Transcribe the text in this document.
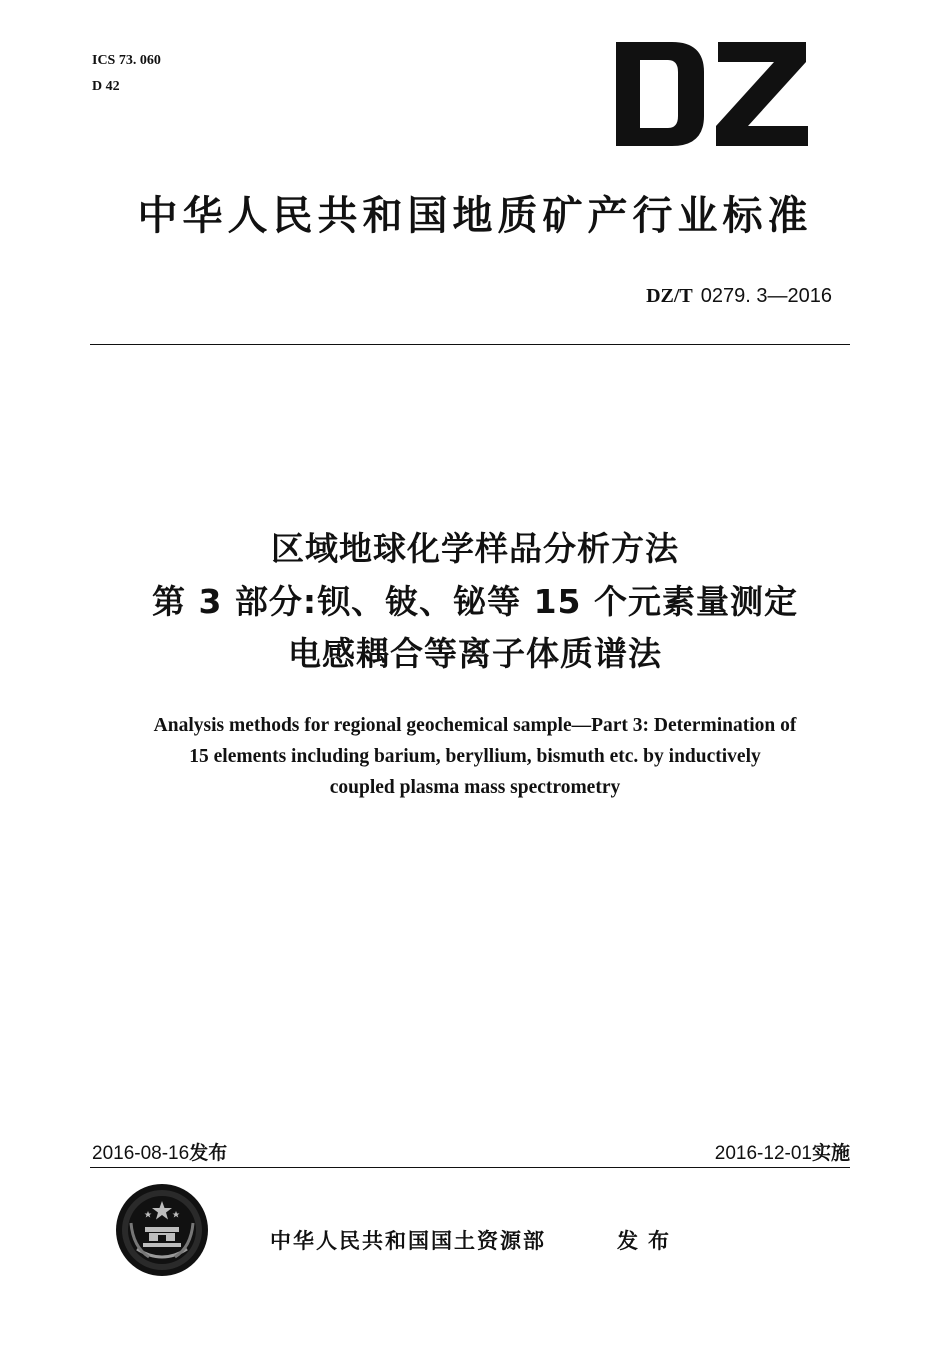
ICS 73. 060
D 42
中华人民共和国地质矿产行业标准
DZ/T 0279. 3—2016
区域地球化学样品分析方法
第 3 部分:钡、铍、铋等 15 个元素量测定
电感耦合等离子体质谱法
Analysis methods for regional geochemical sample—Part 3: Determination of
15 elements including barium, beryllium, bismuth etc. by inductively
coupled plasma mass spectrometry
2016-08-16发布	2016-12-01实施
中华人民共和国国土资源部	发布
